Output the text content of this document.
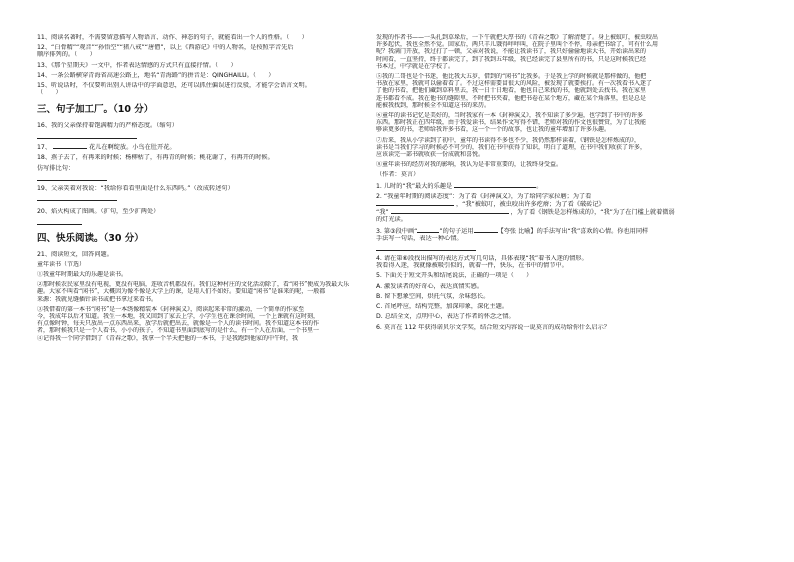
11、阅读名著时，不需要留意描写人物语言、动作、神态的句子，就能看出一个人的性格。（　　）
12、“白骨精”“观音”“孙悟空”“猪八戒”“唐僧”，以上《西游记》中的人物名，是按照字音先后
顺序排列的。（　　）
13、《那个星期天》一文中，作者表达情感的方式只有直接抒情。（　　）
14、一条公路横穿青海省高速公路上，地名“青海路”的拼音是：QINGHAILU。（　　）
15、听说话时，不仅要听出别人讲话中的字面意思，还可以抓住偏误进行反驳，才能学会语言文明。
（　　）
三、句子加工厂。（10 分）
16、我的父亲保持着饱满精力的严格态度。（缩句）
17、	花儿在啊绽放。小鸟在肚开花。
18、燕子去了，有再来的时候；杨柳枯了，有再青的时候；桃花谢了，有再开的时候。
仿写排比句：
19、父亲笑着对我说：“我给你看看里面是什么东西吗。”（改成转述句）
20、焰火构成了图画。（扩句，至少扩两处）
四、快乐阅读。（30 分）
21、阅读短文，回答问题。
童年读书（节选）
①我童年时期最大的乐趣是读书。
②那时候农民家里没有电视，更没有电脑，连收音机都没有。我们这种村庄的文化活动除了，看“闲书”便成为我最大乐
趣。大家不叫看“闲书”，大概因为像不像是大学上的课，是用人们不如好。要知道“闲书”是谁来的呢，一般都
来源：我就见缝插针读书或把书拿过来看书。
③我借着的第一本书“闲书”是一本绣像精装本《封神演义》，阅读起来非常的激动，一个简单的作家至
今，我成年以后才知道。我生一本地，我又回到了家去上学，小学生也在课余时间，一个上课就有这时刻，
有点像时钟，每天只放出一点东西出来，放学后就把出去，就像是一个人的读书时间。我不知道这本书的作
者，那时候我只是一个人看书，小小的孩子，不知道书里面到底写的是什么，有一个人在后面，一个书里一
④记得我一个同学借到了《青春之歌》，我拿一个半天把他的一本书，于是我跑到他家的中午时，我
发现的作者书——一头扎到草垛后，一下午就把大厚书的《青春之歌》了解清楚了。身上被蚊叮，被虫咬出
许多起伏，我也全然不觉。回家后，两只羊儿饿得咩咩叫，在院子里叫个不停，母亲把书给了，可有什么用
呢？我满门开放，我过打了一顿，父亲对我说，不能让我读书了，我只好偷偷地读大书，开始读出来的
时间看，一直坚持，终于都读完了，到了我到五年级，我已经读完了县里所有的书，只是这时候我已经
书本过，中学就是在学校了。
⑤我的二哥也是个书迷，他比我大五岁，借到的“闲书”比我多。于是我上学的时候就是那样做的，他把
书放在家里，我就可以偷着看了。不过这样需要冒很大的风险，被发现了就要挨打。有一次我看书入迷了
了他的书看，把他们藏到草料里去，我一日十日地看，他也自己来找的书，他就到处去找书。我在家里
连书都看不成。我在他书的缝隙里，不时把书夹着，他把书卷在某个地方，藏在某个角落里，但是总是
能被我找到，那时候全不知道这书的来历。
⑥童年的读书记忆是美好的，当时我家有一本《封神演义》，我不知读了多少遍，也学到了书中的许多
东西。那时我正在四年级，由于我爱读书，结果作文写得不错，老师对我的作文也很赞赏，为了让我能
够读更多的书，老师给我许多书看，这一个一个的故事，也让我的童年增加了许多乐趣。
⑦后来，我从小学读到了初中，童年的书读得不多也不少，我仍然那样读着，《钢铁是怎样炼成的》，
读书是当我们学习的时候必不可少的，我们在书中获得了知识，明白了道理，在书中我们收获了许多，
应该读完一部书就收获一份成就和喜悦。
⑧童年读书的经历对我的影响，我认为是非常重要的，让我终身受益。
（作者：莫言）
1. 儿时的“我”最大的乐趣是	。
2. “我童年时期的阅读态度”：为了看《封神演义》，为了给同学家拉磨；为了看
，“我”被蚊叮，被虫咬出许多疙瘩；为了看《破砖记》
“我”	，为了看《钢铁是怎样炼成的》，“我”为了在门槛上就着微弱
的灯光读。
3. 第③段中画“	”的句子运用	【夸张 比喻】的手法写出“我”喜欢的心情。你也用同样
手法写一句话，表达一种心情。
4. 请在第⑥段找出描写的表达方式写几句话，具体表现“我”着书入迷的情形。
我看得入迷，我就像被吸引似的，就着一件，快乐，在书中的情节中。
5. 下面关于短文开头和结尾说法，正确的一项是（　　）
A. 激发读者的好奇心，表达真情实感。
B. 留下想象空间，烘托气氛，余味悠长。
C. 首尾呼应，结构完整，加深印象，深化主题。
D. 总结全文，点明中心，表达了作者的怀念之情。
6. 莫言在 112 年获得诺贝尔文学奖，结合短文内容说一说莫言的成功给你什么启示？
